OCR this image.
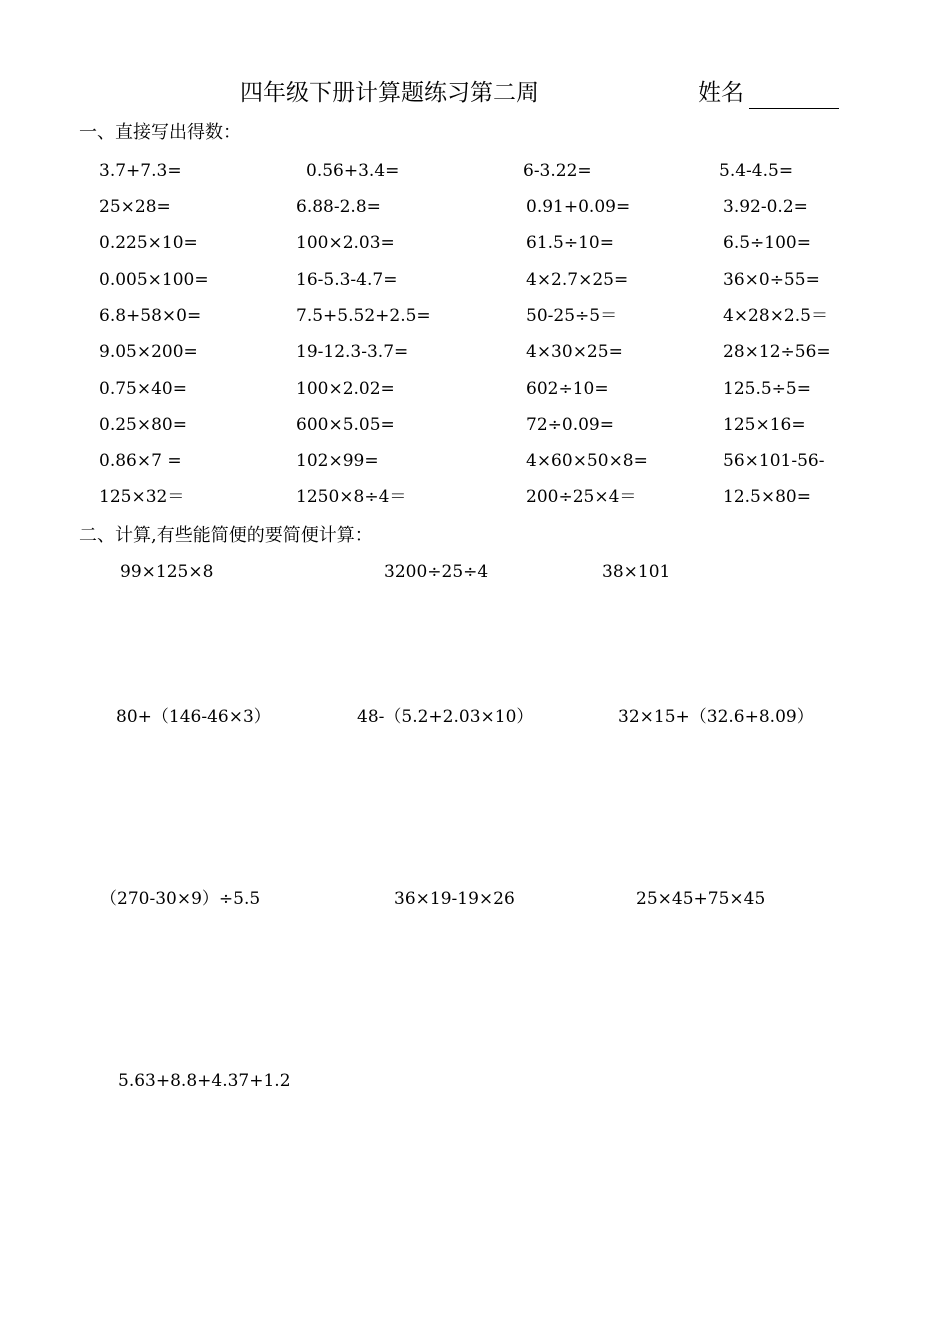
四年级下册计算题练习第二周	姓名
一、直接写出得数：
3.7+7.3=	0.56+3.4=	6-3.22=	5.4-4.5=
25×28=	6.88-2.8=	0.91+0.09=	3.92-0.2=
0.225×10=	100×2.03=	61.5÷10=	6.5÷100=
0.005×100=	16-5.3-4.7=	4×2.7×25=	36×0÷55=
6.8+58×0=	7.5+5.52+2.5=	50-25÷5＝	4×28×2.5＝
9.05×200=	19-12.3-3.7=	4×30×25=	28×12÷56=
0.75×40=	100×2.02=	602÷10=	125.5÷5=
0.25×80=	600×5.05=	72÷0.09=	125×16=
0.86×7 =	102×99=	4×60×50×8=	56×101-56-
125×32＝	1250×8÷4＝	200÷25×4＝	12.5×80=
二、计算,有些能简便的要简便计算：
99×125×8	3200÷25÷4	38×101
80+（146-46×3）	48-（5.2+2.03×10）	32×15+（32.6+8.09）
（270-30×9）÷5.5	36×19-19×26	25×45+75×45
5.63+8.8+4.37+1.2
